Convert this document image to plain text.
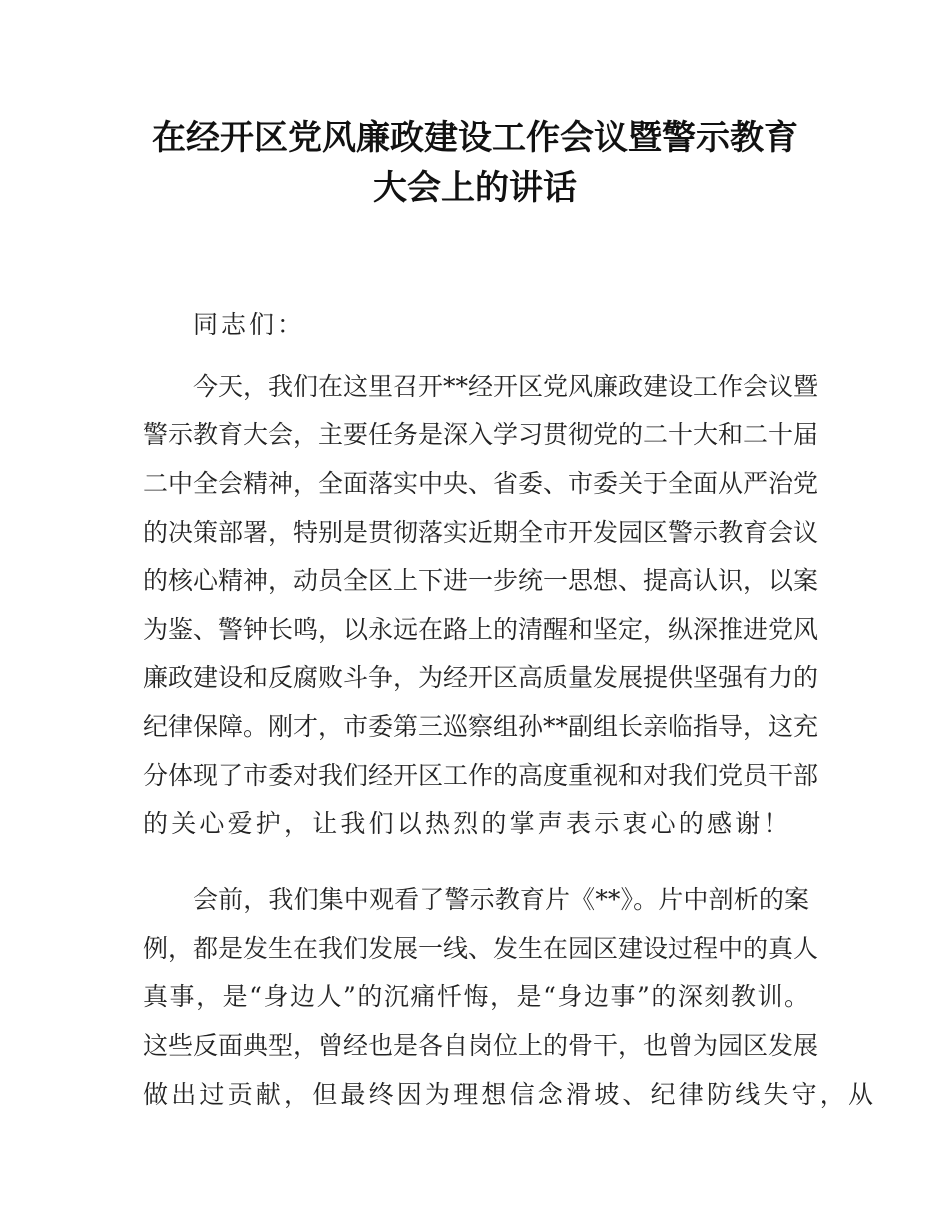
在经开区党风廉政建设工作会议暨警示教育
大会上的讲话
同志们：
今天，我们在这里召开**经开区党风廉政建设工作会议暨
警示教育大会，主要任务是深入学习贯彻党的二十大和二十届
二中全会精神，全面落实中央、省委、市委关于全面从严治党
的决策部署，特别是贯彻落实近期全市开发园区警示教育会议
的核心精神，动员全区上下进一步统一思想、提高认识，以案
为鉴、警钟长鸣，以永远在路上的清醒和坚定，纵深推进党风
廉政建设和反腐败斗争，为经开区高质量发展提供坚强有力的
纪律保障。刚才，市委第三巡察组孙**副组长亲临指导，这充
分体现了市委对我们经开区工作的高度重视和对我们党员干部
的关心爱护，让我们以热烈的掌声表示衷心的感谢！
会前，我们集中观看了警示教育片《**》。片中剖析的案
例，都是发生在我们发展一线、发生在园区建设过程中的真人
真事，是“身边人”的沉痛忏悔，是“身边事”的深刻教训。
这些反面典型，曾经也是各自岗位上的骨干，也曾为园区发展
做出过贡献，但最终因为理想信念滑坡、纪律防线失守，从
